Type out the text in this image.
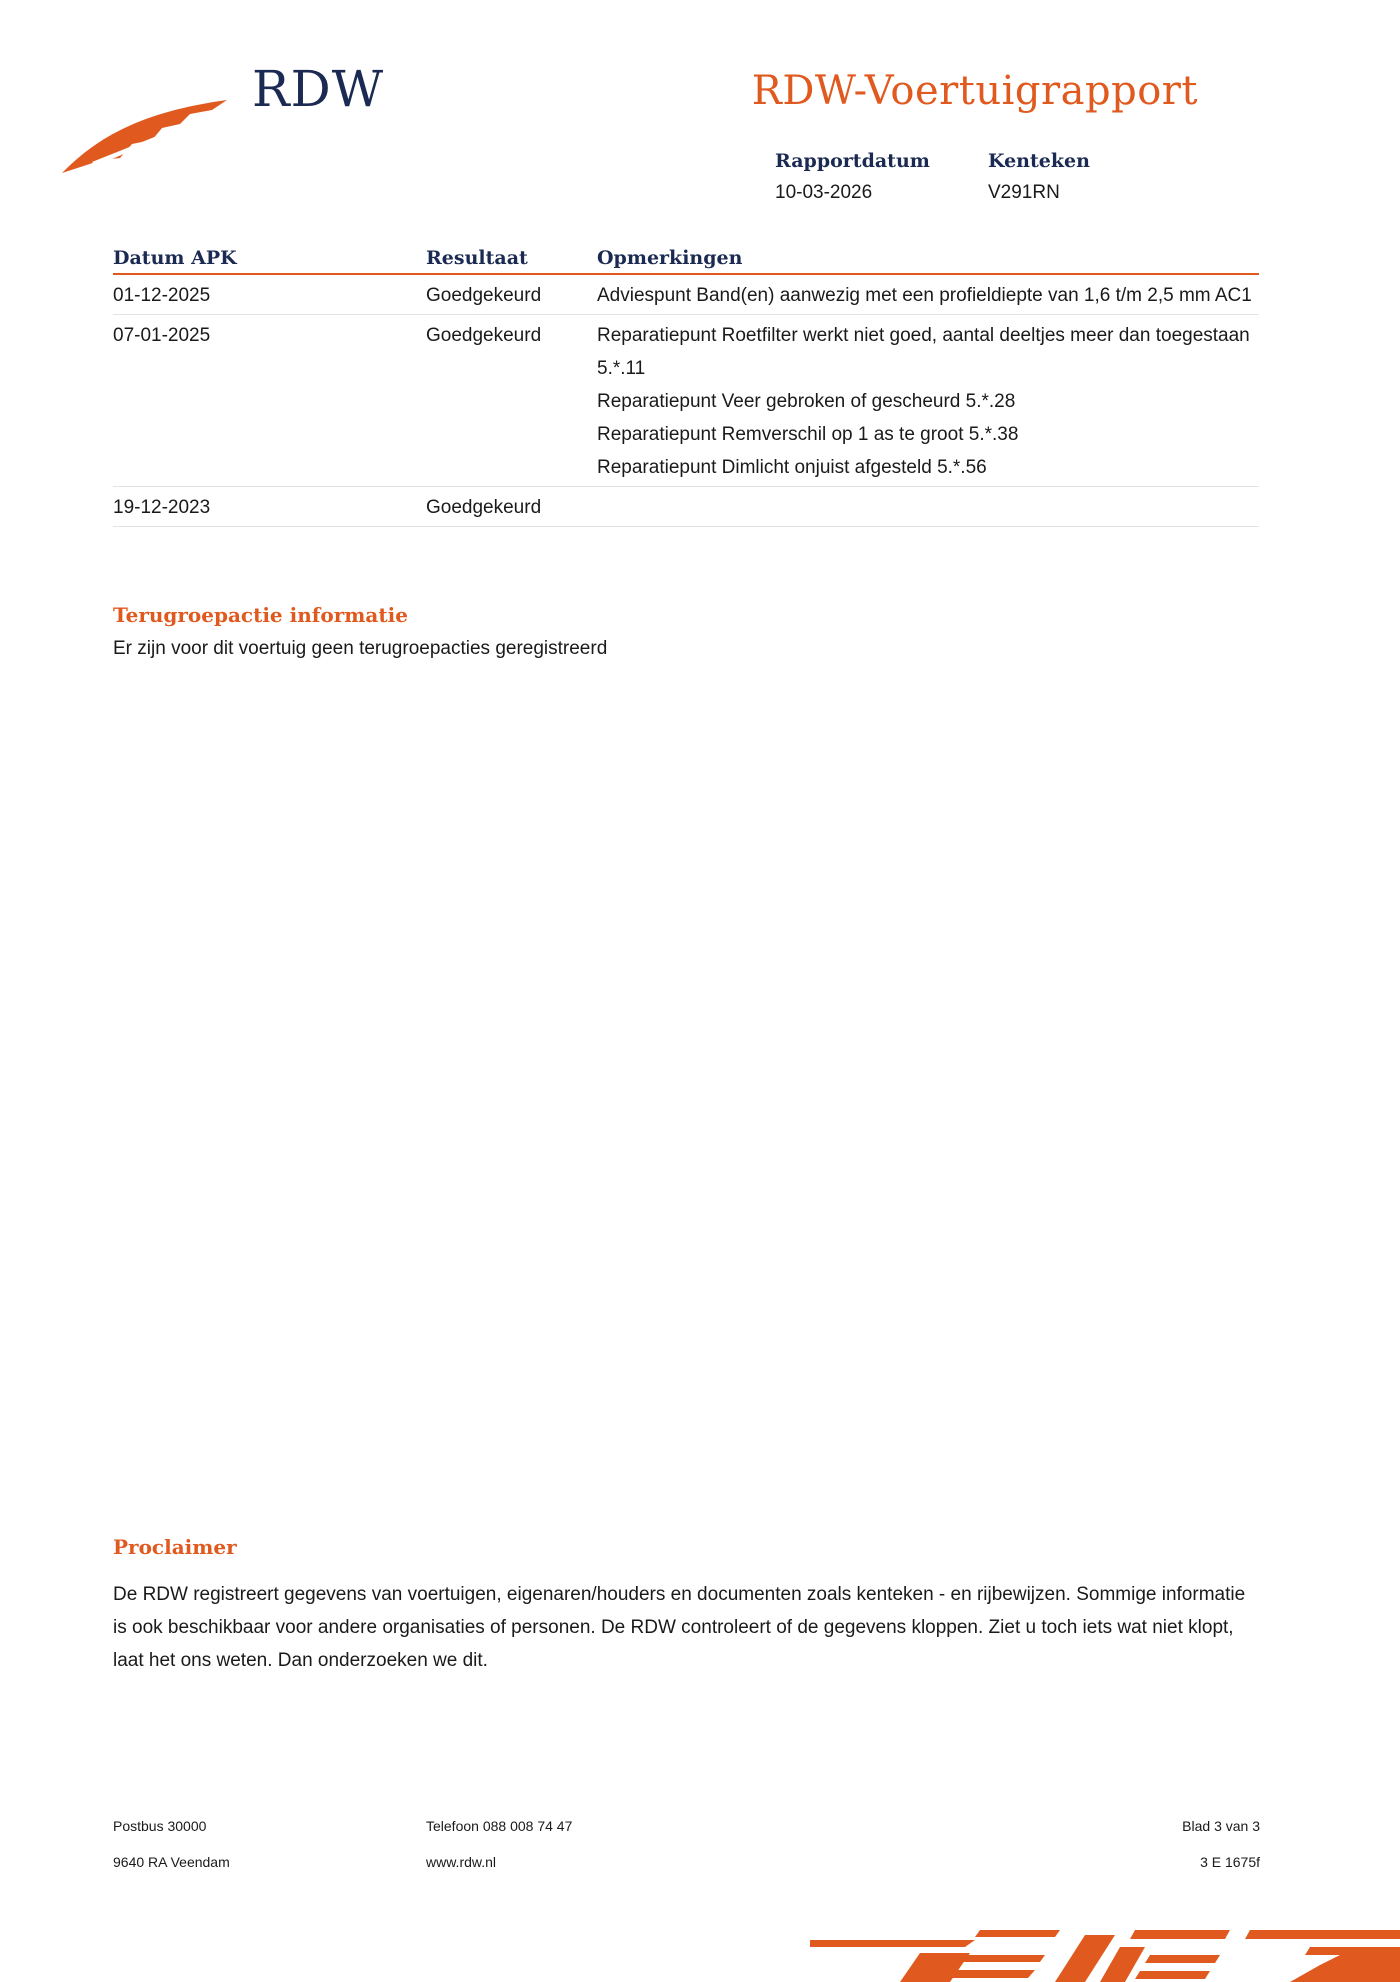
RDW	RDW-Voertuigrapport
Rapportdatum
10-03-2026
Kenteken
V291RN
Datum APK	Resultaat	Opmerkingen
01-12-2025	Goedgekeurd	Adviespunt Band(en) aanwezig met een profieldiepte van 1,6 t/m 2,5 mm AC1

07-01-2025	Goedgekeurd	Reparatiepunt Roetfilter werkt niet goed, aantal deeltjes meer dan toegestaan 5.*.11
Reparatiepunt Veer gebroken of gescheurd 5.*.28
Reparatiepunt Remverschil op 1 as te groot 5.*.38
Reparatiepunt Dimlicht onjuist afgesteld 5.*.56

19-12-2023	Goedgekeurd	
Terugroepactie informatie
Er zijn voor dit voertuig geen terugroepacties geregistreerd
Proclaimer
De RDW registreert gegevens van voertuigen, eigenaren/houders en documenten zoals kenteken - en rijbewijzen. Sommige informatie is ook beschikbaar voor andere organisaties of personen. De RDW controleert of de gegevens kloppen. Ziet u toch iets wat niet klopt, laat het ons weten. Dan onderzoeken we dit.
Postbus 30000
9640 RA Veendam
Telefoon 088 008 74 47
www.rdw.nl
Blad 3 van 3
3 E 1675f
